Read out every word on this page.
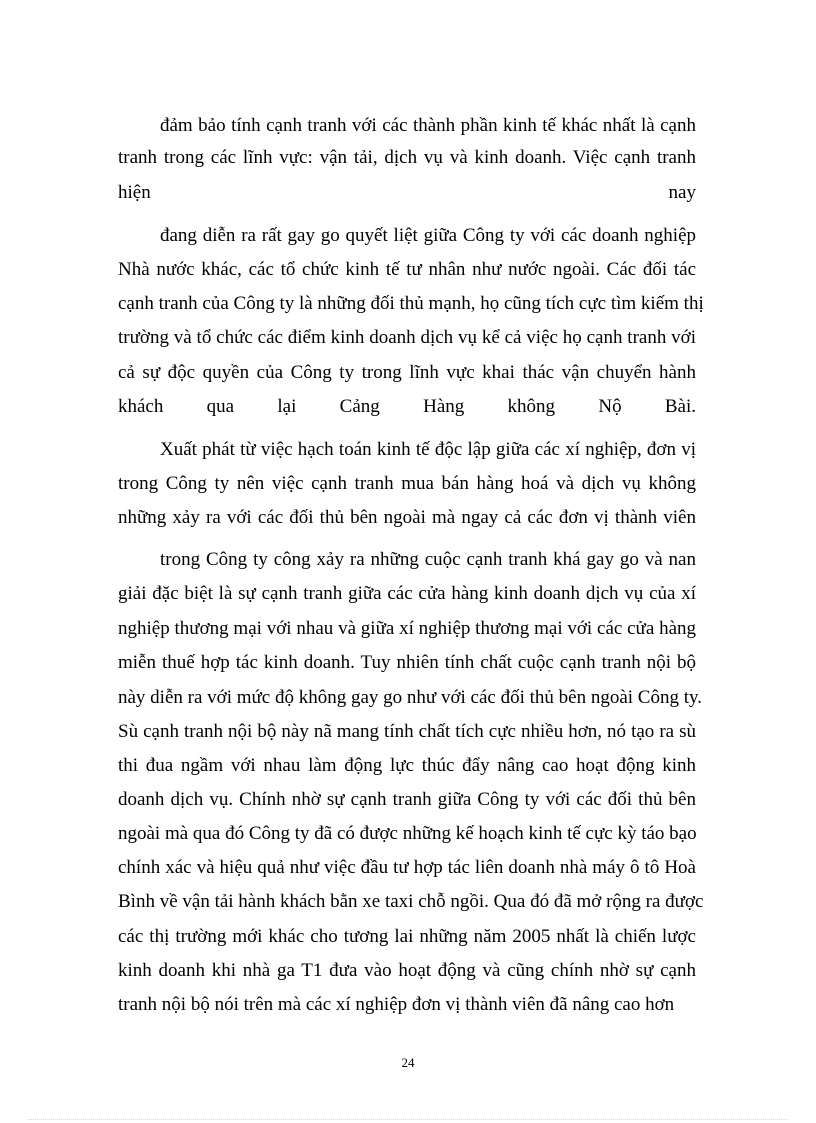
đảm bảo tính cạnh tranh với các thành phần kinh tế khác nhất là cạnh
tranh trong các lĩnh vực: vận tải, dịch vụ và kinh doanh. Việc cạnh tranh
hiện nay
đang diễn ra rất gay go quyết liệt giữa Công ty với các doanh nghiệp
Nhà nước khác, các tổ chức kinh tế tư nhân như nước ngoài. Các đối tác
cạnh tranh của Công ty là những đối thủ mạnh, họ cũng tích cực tìm kiếm thị
trường và tổ chức các điểm kinh doanh dịch vụ kể cả việc họ cạnh tranh với
cả sự độc quyền của Công ty trong lĩnh vực khai thác vận chuyển hành
khách qua lại Cảng Hàng không Nộ Bài.
Xuất phát từ việc hạch toán kinh tế độc lập giữa các xí nghiệp, đơn vị
trong Công ty nên việc cạnh tranh mua bán hàng hoá và dịch vụ không
những xảy ra với các đối thủ bên ngoài mà ngay cả các đơn vị thành viên
trong Công ty công xảy ra những cuộc cạnh tranh khá gay go và nan
giải đặc biệt là sự cạnh tranh giữa các cửa hàng kinh doanh dịch vụ của xí
nghiệp thương mại với nhau và giữa xí nghiệp thương mại với các cửa hàng
miễn thuế hợp tác kinh doanh. Tuy nhiên tính chất cuộc cạnh tranh nội bộ
này diễn ra với mức độ không gay go như với các đối thủ bên ngoài Công ty.
Sù cạnh tranh nội bộ này nã mang tính chất tích cực nhiều hơn, nó tạo ra sù
thi đua ngầm với nhau làm động lực thúc đẩy nâng cao hoạt động kinh
doanh dịch vụ. Chính nhờ sự cạnh tranh giữa Công ty với các đối thủ bên
ngoài mà qua đó Công ty đã có được những kế hoạch kinh tế cực kỳ táo bạo
chính xác và hiệu quả như việc đầu tư hợp tác liên doanh nhà máy ô tô Hoà
Bình về vận tải hành khách bằn xe taxi chỗ ngồi. Qua đó đã mở rộng ra được
các thị trường mới khác cho tương lai những năm 2005 nhất là chiến lược
kinh doanh khi nhà ga T1 đưa vào hoạt động và cũng chính nhờ sự cạnh
tranh nội bộ nói trên mà các xí nghiệp đơn vị thành viên đã nâng cao hơn
24
